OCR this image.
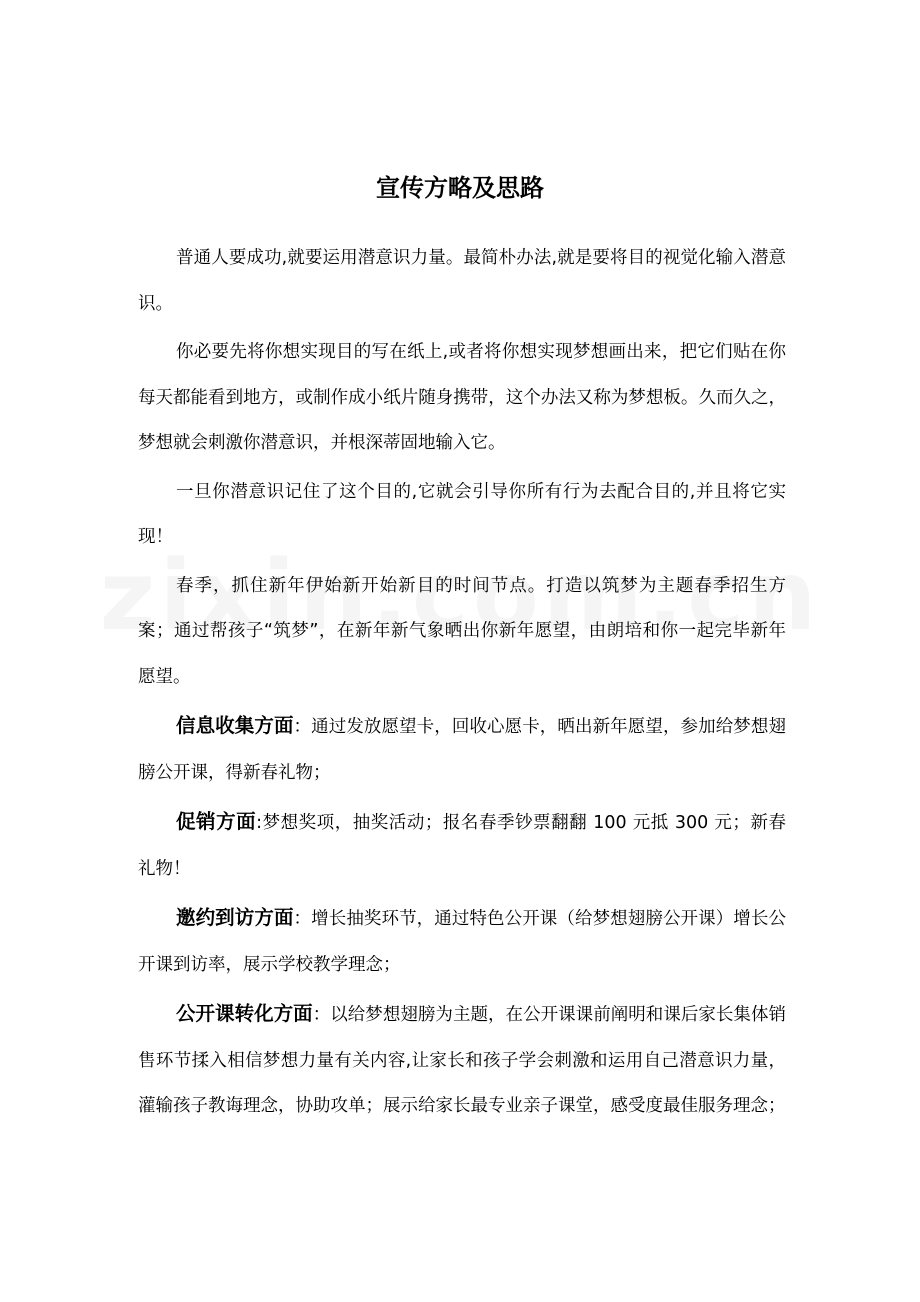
宣传方略及思路

普通人要成功,就要运用潜意识力量。最简朴办法,就是要将目的视觉化输入潜意识。

你必要先将你想实现目的写在纸上,或者将你想实现梦想画出来，把它们贴在你每天都能看到地方，或制作成小纸片随身携带，这个办法又称为梦想板。久而久之，梦想就会刺激你潜意识，并根深蒂固地输入它。

一旦你潜意识记住了这个目的,它就会引导你所有行为去配合目的,并且将它实现！

春季，抓住新年伊始新开始新目的时间节点。打造以筑梦为主题春季招生方案；通过帮孩子“筑梦”，在新年新气象晒出你新年愿望，由朗培和你一起完毕新年愿望。

信息收集方面：通过发放愿望卡，回收心愿卡，晒出新年愿望，参加给梦想翅膀公开课，得新春礼物；

促销方面:梦想奖项，抽奖活动；报名春季钞票翻翻 100 元抵 300 元；新春礼物！

邀约到访方面：增长抽奖环节，通过特色公开课（给梦想翅膀公开课）增长公开课到访率，展示学校教学理念；

公开课转化方面：以给梦想翅膀为主题，在公开课课前阐明和课后家长集体销售环节揉入相信梦想力量有关内容,让家长和孩子学会刺激和运用自己潜意识力量，灌输孩子教诲理念，协助攻单；展示给家长最专业亲子课堂，感受度最佳服务理念；
